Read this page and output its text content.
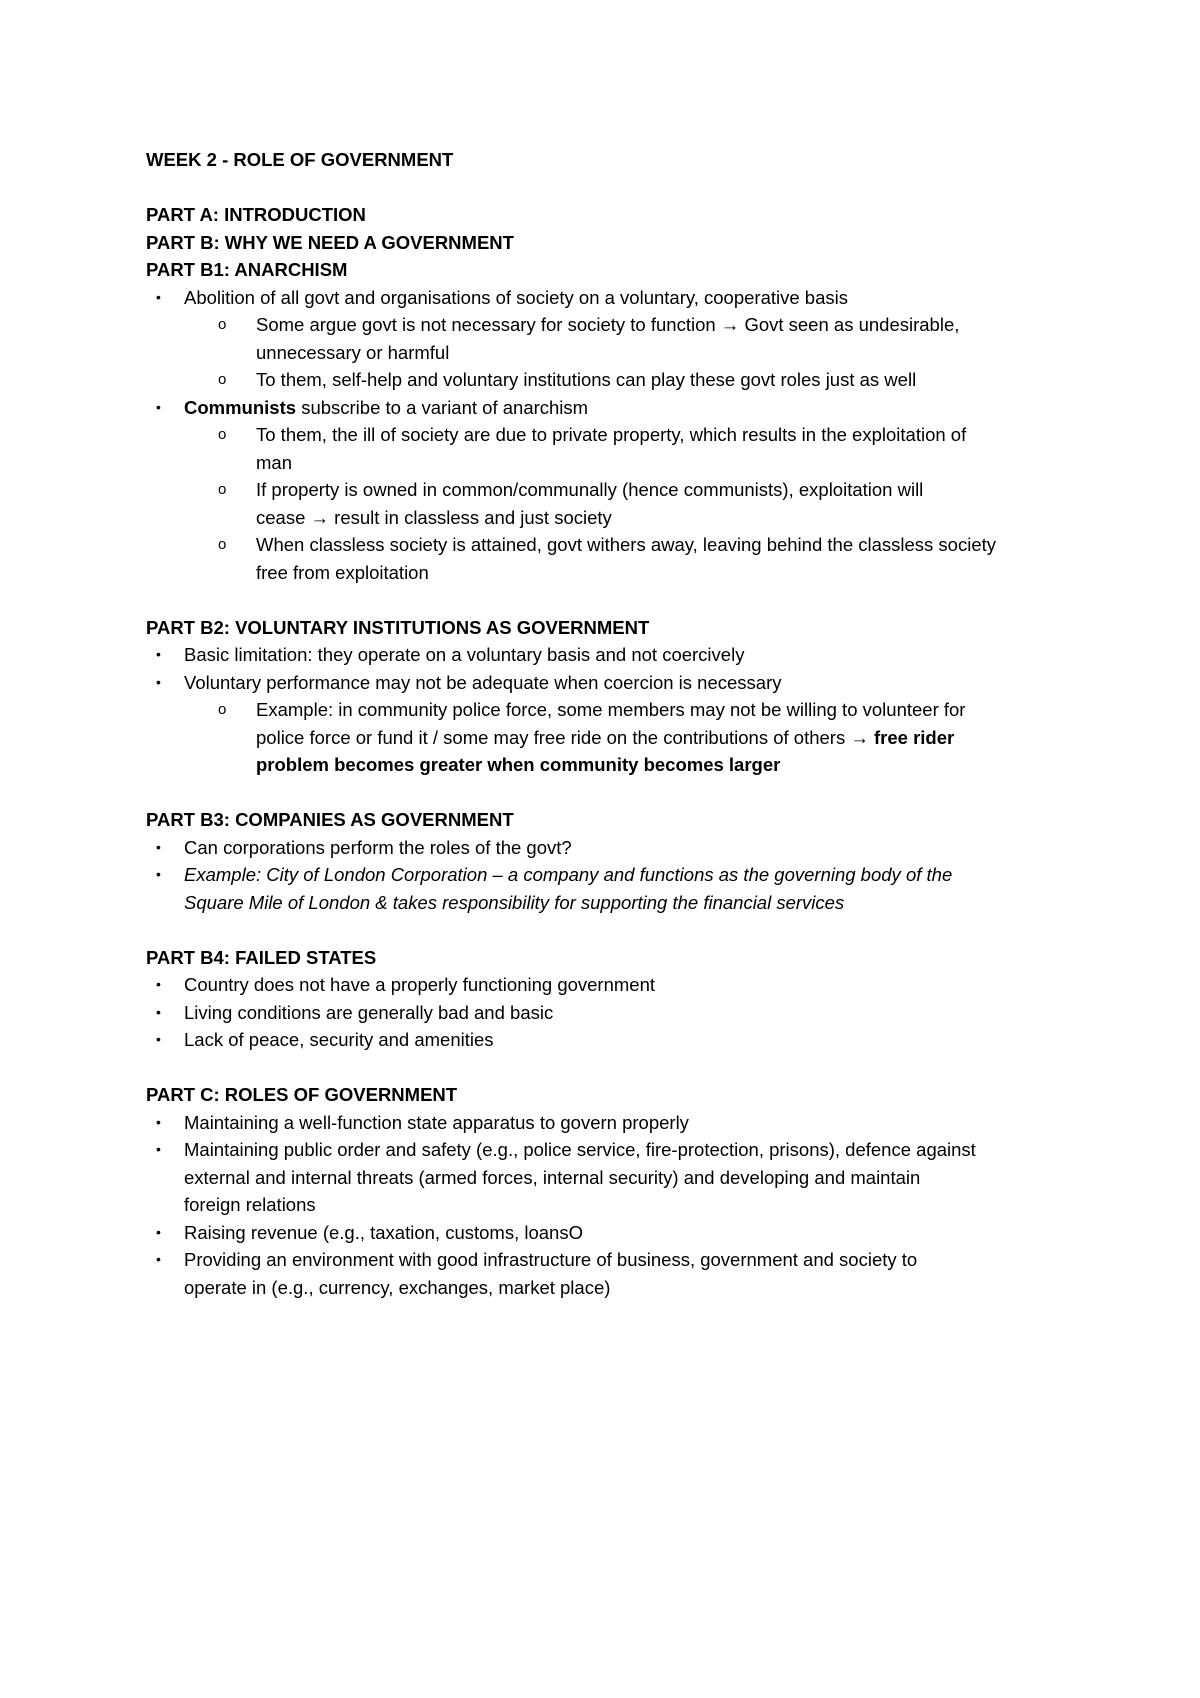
WEEK 2 - ROLE OF GOVERNMENT
PART A: INTRODUCTION
PART B: WHY WE NEED A GOVERNMENT
PART B1: ANARCHISM
• Abolition of all govt and organisations of society on a voluntary, cooperative basis
o Some argue govt is not necessary for society to function → Govt seen as undesirable,
unnecessary or harmful
o To them, self-help and voluntary institutions can play these govt roles just as well
• Communists subscribe to a variant of anarchism
o To them, the ill of society are due to private property, which results in the exploitation of
man
o If property is owned in common/communally (hence communists), exploitation will
cease → result in classless and just society
o When classless society is attained, govt withers away, leaving behind the classless society
free from exploitation
PART B2: VOLUNTARY INSTITUTIONS AS GOVERNMENT
• Basic limitation: they operate on a voluntary basis and not coercively
• Voluntary performance may not be adequate when coercion is necessary
o Example: in community police force, some members may not be willing to volunteer for
police force or fund it / some may free ride on the contributions of others → free rider
problem becomes greater when community becomes larger
PART B3: COMPANIES AS GOVERNMENT
• Can corporations perform the roles of the govt?
• Example: City of London Corporation – a company and functions as the governing body of the
Square Mile of London & takes responsibility for supporting the financial services
PART B4: FAILED STATES
• Country does not have a properly functioning government
• Living conditions are generally bad and basic
• Lack of peace, security and amenities
PART C: ROLES OF GOVERNMENT
• Maintaining a well-function state apparatus to govern properly
• Maintaining public order and safety (e.g., police service, fire-protection, prisons), defence against
external and internal threats (armed forces, internal security) and developing and maintain
foreign relations
• Raising revenue (e.g., taxation, customs, loansO
• Providing an environment with good infrastructure of business, government and society to
operate in (e.g., currency, exchanges, market place)
